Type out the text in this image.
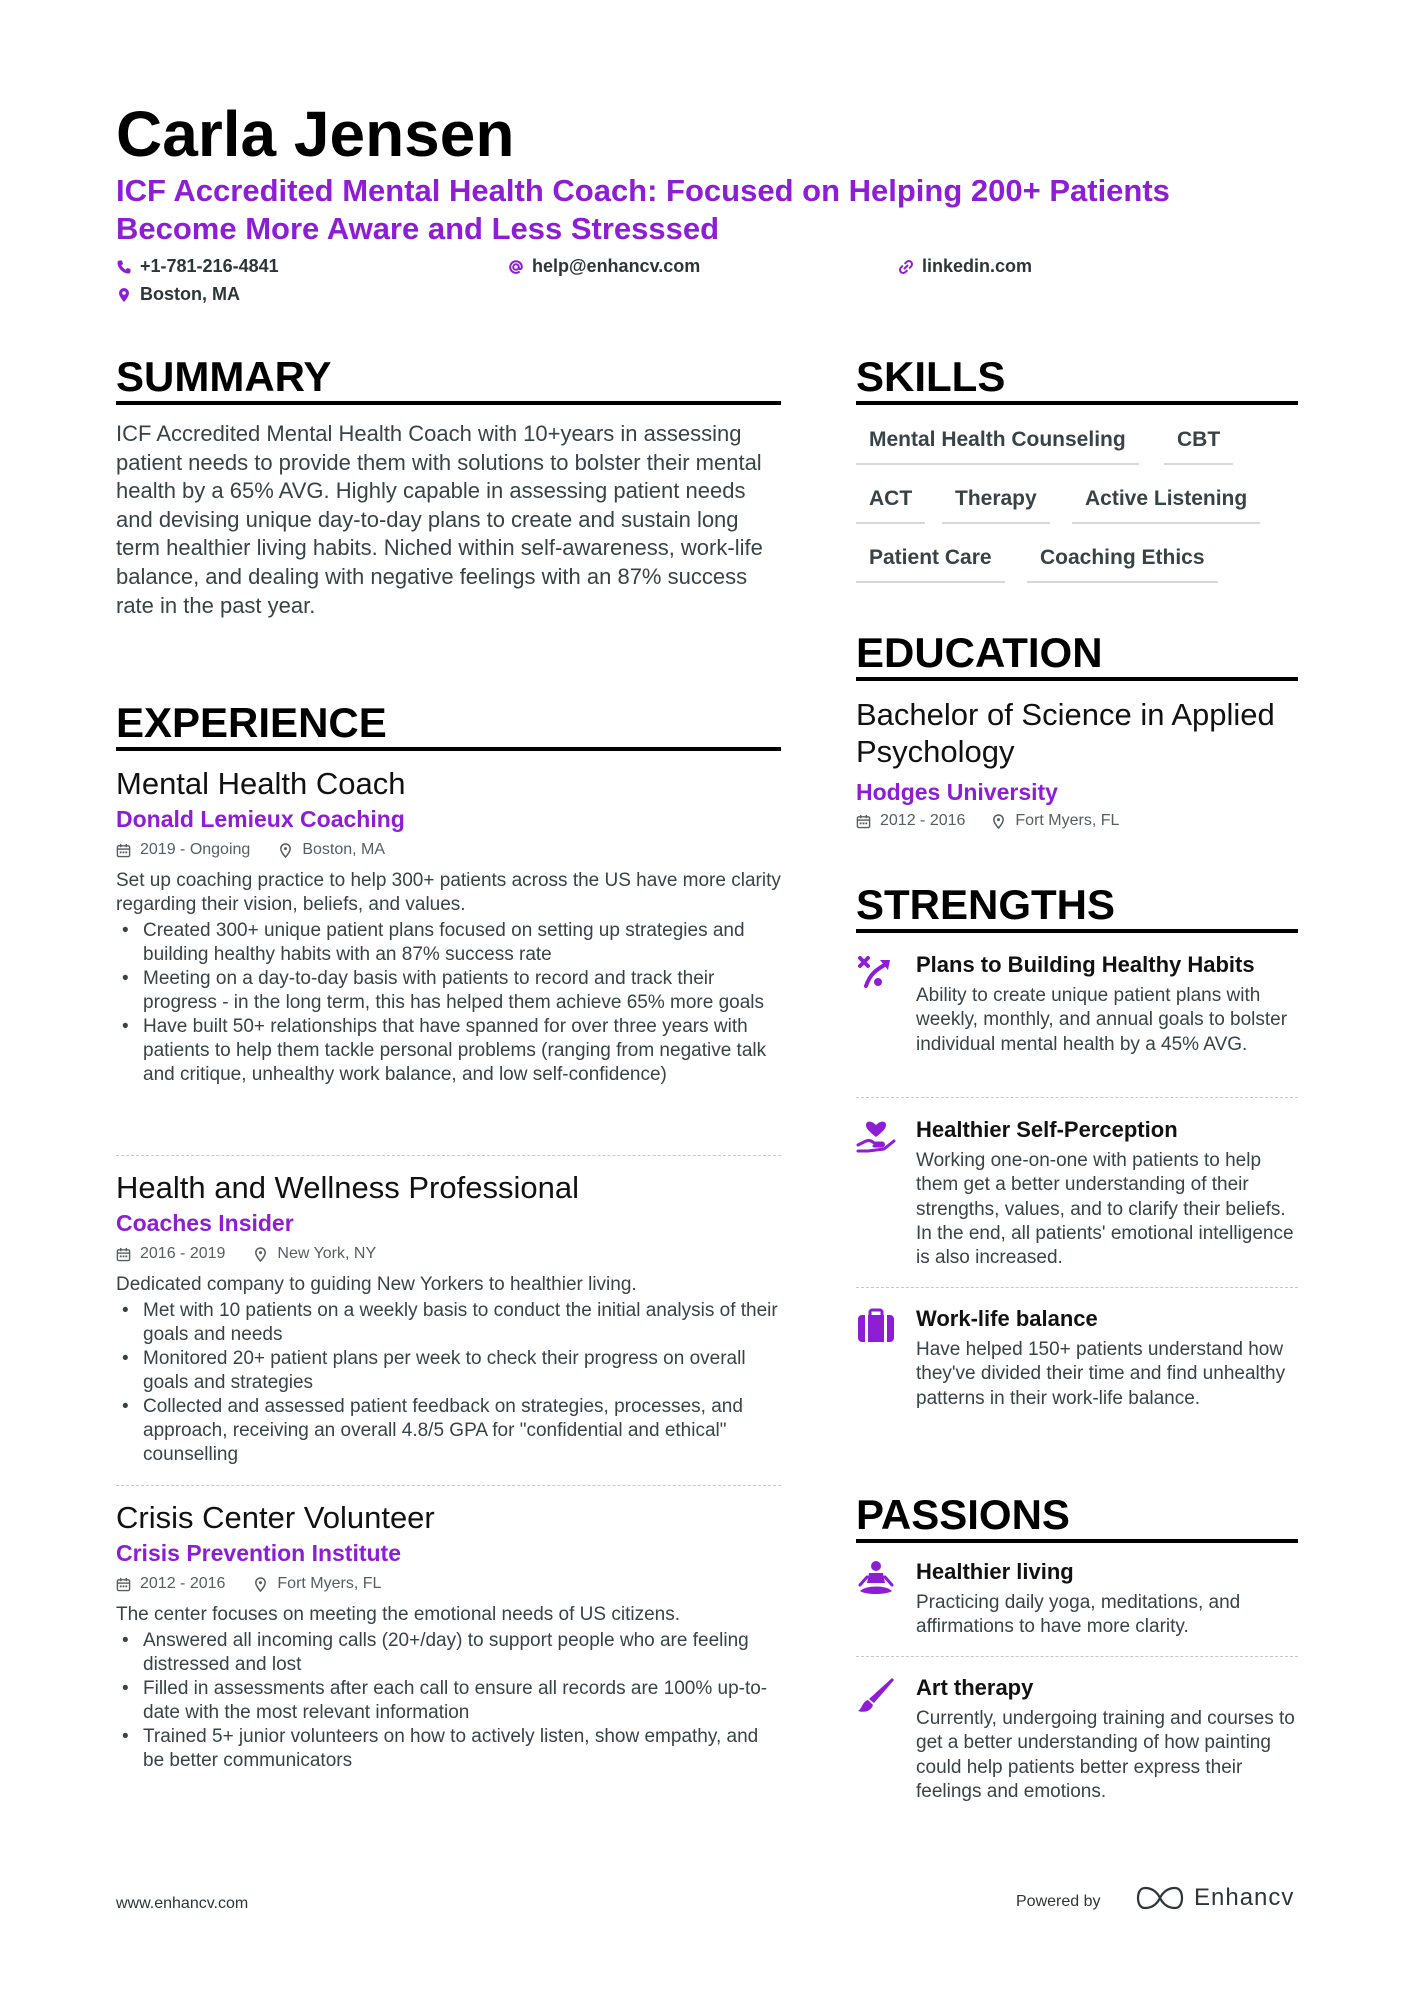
Carla Jensen
ICF Accredited Mental Health Coach: Focused on Helping 200+ Patients Become More Aware and Less Stresssed
+1-781-216-4841	help@enhancv.com	linkedin.com
Boston, MA
SUMMARY
ICF Accredited Mental Health Coach with 10+years in assessing patient needs to provide them with solutions to bolster their mental health by a 65% AVG. Highly capable in assessing patient needs and devising unique day-to-day plans to create and sustain long term healthier living habits. Niched within self-awareness, work-life balance, and dealing with negative feelings with an 87% success rate in the past year.
EXPERIENCE
Mental Health Coach
Donald Lemieux Coaching
2019 - Ongoing	Boston, MA
Set up coaching practice to help 300+ patients across the US have more clarity regarding their vision, beliefs, and values.
• Created 300+ unique patient plans focused on setting up strategies and building healthy habits with an 87% success rate
• Meeting on a day-to-day basis with patients to record and track their progress - in the long term, this has helped them achieve 65% more goals
• Have built 50+ relationships that have spanned for over three years with patients to help them tackle personal problems (ranging from negative talk and critique, unhealthy work balance, and low self-confidence)
Health and Wellness Professional
Coaches Insider
2016 - 2019	New York, NY
Dedicated company to guiding New Yorkers to healthier living.
• Met with 10 patients on a weekly basis to conduct the initial analysis of their goals and needs
• Monitored 20+ patient plans per week to check their progress on overall goals and strategies
• Collected and assessed patient feedback on strategies, processes, and approach, receiving an overall 4.8/5 GPA for "confidential and ethical" counselling
Crisis Center Volunteer
Crisis Prevention Institute
2012 - 2016	Fort Myers, FL
The center focuses on meeting the emotional needs of US citizens.
• Answered all incoming calls (20+/day) to support people who are feeling distressed and lost
• Filled in assessments after each call to ensure all records are 100% up-to-date with the most relevant information
• Trained 5+ junior volunteers on how to actively listen, show empathy, and be better communicators
SKILLS
Mental Health Counseling	CBT
ACT	Therapy	Active Listening
Patient Care	Coaching Ethics
EDUCATION
Bachelor of Science in Applied Psychology
Hodges University
2012 - 2016	Fort Myers, FL
STRENGTHS
Plans to Building Healthy Habits
Ability to create unique patient plans with weekly, monthly, and annual goals to bolster individual mental health by a 45% AVG.
Healthier Self-Perception
Working one-on-one with patients to help them get a better understanding of their strengths, values, and to clarify their beliefs. In the end, all patients' emotional intelligence is also increased.
Work-life balance
Have helped 150+ patients understand how they've divided their time and find unhealthy patterns in their work-life balance.
PASSIONS
Healthier living
Practicing daily yoga, meditations, and affirmations to have more clarity.
Art therapy
Currently, undergoing training and courses to get a better understanding of how painting could help patients better express their feelings and emotions.
www.enhancv.com	Powered by	Enhancv
